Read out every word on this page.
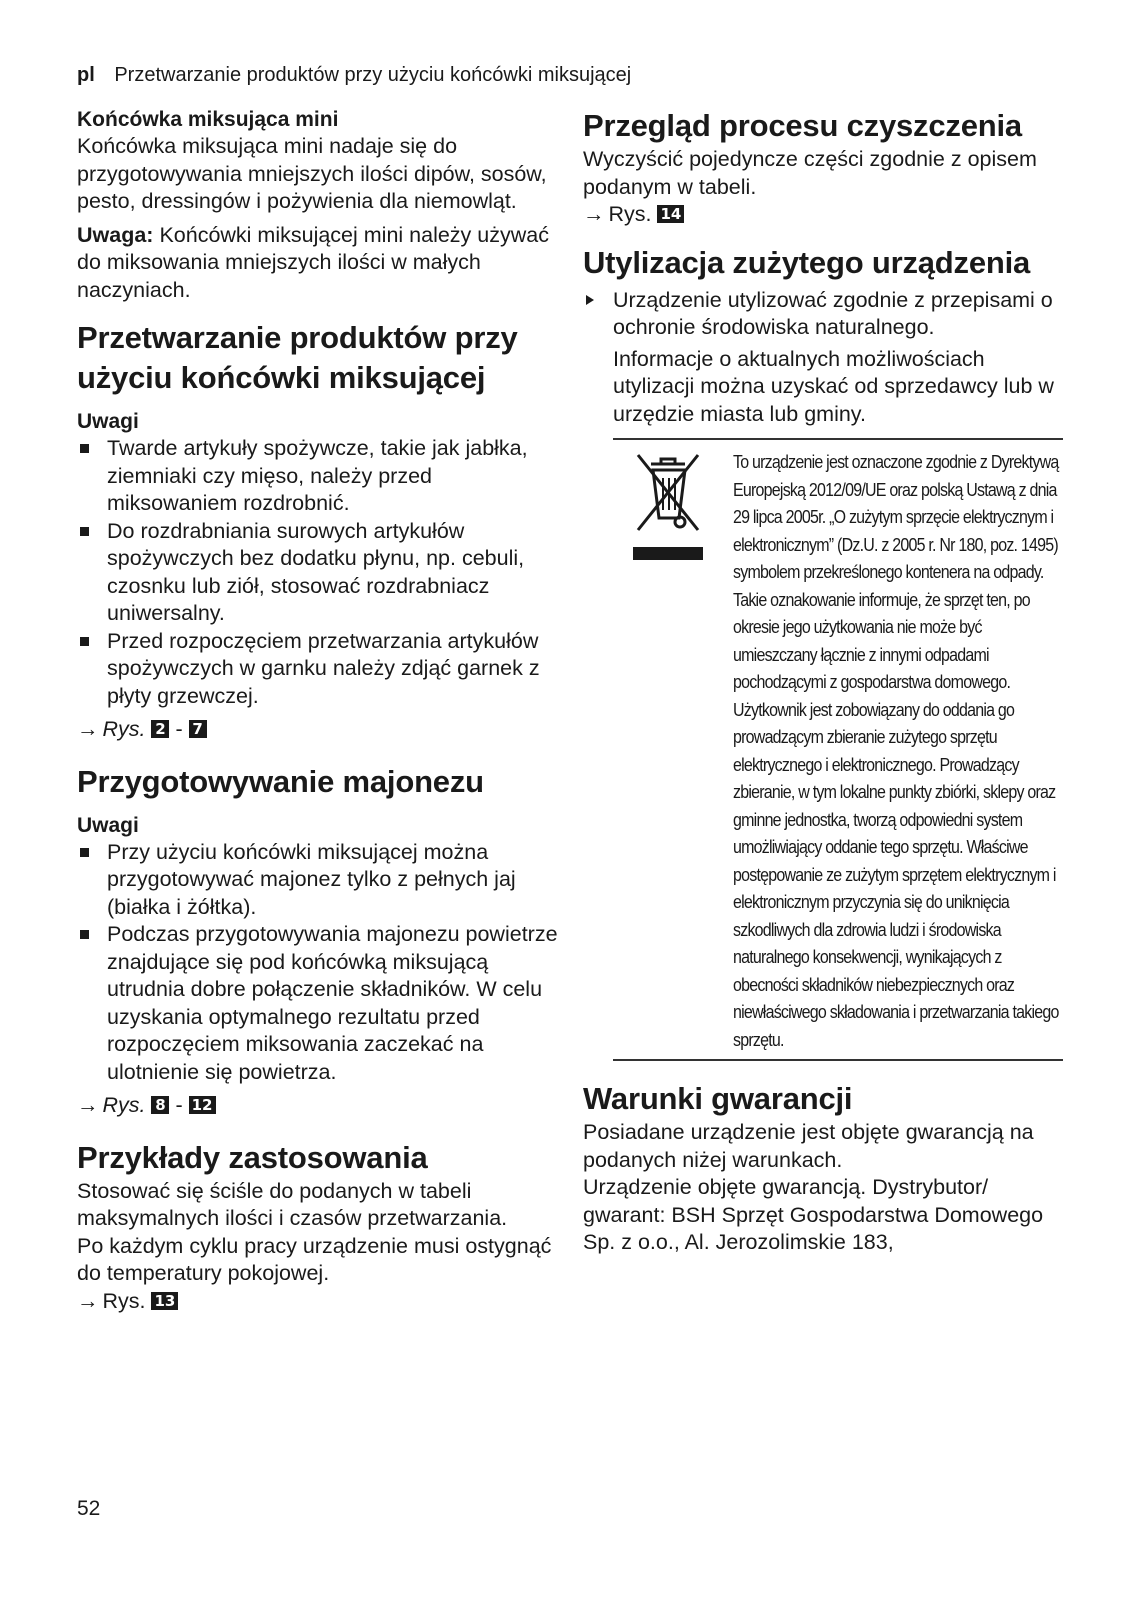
pl Przetwarzanie produktów przy użyciu końcówki miksującej

Końcówka miksująca mini

Końcówka miksująca mini nadaje się do przygotowywania mniejszych ilości dipów, sosów, pesto, dressingów i pożywienia dla niemowląt.

Uwaga: Końcówki miksującej mini należy używać do miksowania mniejszych ilości w małych naczyniach.

Przetwarzanie produktów przy użyciu końcówki miksującej

Uwagi

Twarde artykuły spożywcze, takie jak jabłka, ziemniaki czy mięso, należy przed miksowaniem rozdrobnić.
Do rozdrabniania surowych artykułów spożywczych bez dodatku płynu, np. cebuli, czosnku lub ziół, stosować rozdrabniacz uniwersalny.
Przed rozpoczęciem przetwarzania artykułów spożywczych w garnku należy zdjąć garnek z płyty grzewczej.
→ Rys. 2 - 7
Przygotowywanie majonezu

Uwagi

Przy użyciu końcówki miksującej można przygotowywać majonez tylko z pełnych jaj (białka i żółtka).
Podczas przygotowywania majonezu powietrze znajdujące się pod końcówką miksującą utrudnia dobre połączenie składników. W celu uzyskania optymalnego rezultatu przed rozpoczęciem miksowania zaczekać na ulotnienie się powietrza.
→ Rys. 8 - 12
Przykłady zastosowania

Stosować się ściśle do podanych w tabeli maksymalnych ilości i czasów przetwarzania.

Po każdym cyklu pracy urządzenie musi ostygnąć do temperatury pokojowej.

→ Rys. 13
Przegląd procesu czyszczenia

Wyczyścić pojedyncze części zgodnie z opisem podanym w tabeli.

→ Rys. 14
Utylizacja zużytego urządzenia
Urządzenie utylizować zgodnie z przepisami o ochronie środowiska naturalnego.

Informacje o aktualnych możliwościach utylizacji można uzyskać od sprzedawcy lub w urzędzie miasta lub gminy.

To urządzenie jest oznaczone zgodnie z Dyrektywą Europejską 2012/09/UE oraz polską Ustawą z dnia 29 lipca 2005r. „O zużytym sprzęcie elektrycznym i elektronicznym” (Dz.U. z 2005 r. Nr 180, poz. 1495) symbolem przekreślonego kontenera na odpady. Takie oznakowanie informuje, że sprzęt ten, po okresie jego użytkowania nie może być umieszczany łącznie z innymi odpadami pochodzącymi z gospodarstwa domowego. Użytkownik jest zobowiązany do oddania go prowadzącym zbieranie zużytego sprzętu elektrycznego i elektronicznego. Prowadzący zbieranie, w tym lokalne punkty zbiórki, sklepy oraz gminne jednostka, tworzą odpowiedni system umożliwiający oddanie tego sprzętu. Właściwe postępowanie ze zużytym sprzętem elektrycznym i elektronicznym przyczynia się do uniknięcia szkodliwych dla zdrowia ludzi i środowiska naturalnego konsekwencji, wynikających z obecności składników niebezpiecznych oraz niewłaściwego składowania i przetwarzania takiego sprzętu.
Warunki gwarancji

Posiadane urządzenie jest objęte gwarancją na podanych niżej warunkach.

Urządzenie objęte gwarancją. Dystrybutor/ gwarant: BSH Sprzęt Gospodarstwa Domowego Sp. z o.o., Al. Jerozolimskie 183,

52
